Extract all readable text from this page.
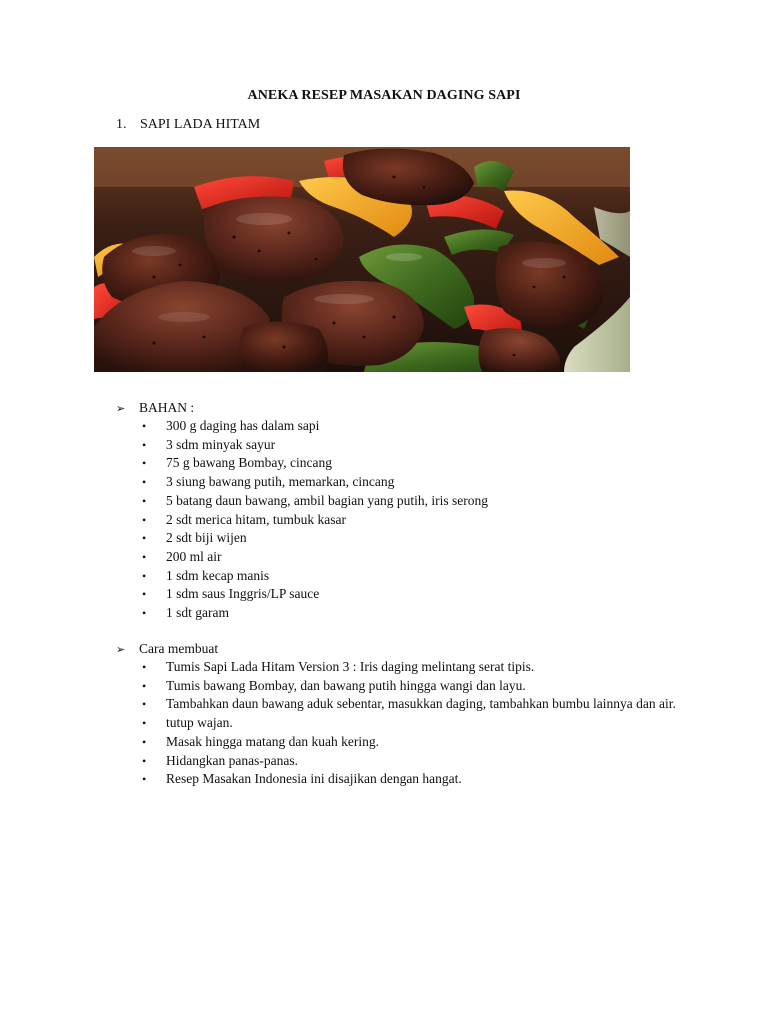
ANEKA RESEP MASAKAN DAGING SAPI
1. SAPI LADA HITAM
➢ BAHAN :
• 300 g daging has dalam sapi
• 3 sdm minyak sayur
• 75 g bawang Bombay, cincang
• 3 siung bawang putih, memarkan, cincang
• 5 batang daun bawang, ambil bagian yang putih, iris serong
• 2 sdt merica hitam, tumbuk kasar
• 2 sdt biji wijen
• 200 ml air
• 1 sdm kecap manis
• 1 sdm saus Inggris/LP sauce
• 1 sdt garam
➢ Cara membuat
• Tumis Sapi Lada Hitam Version 3 : Iris daging melintang serat tipis.
• Tumis bawang Bombay, dan bawang putih hingga wangi dan layu.
• Tambahkan daun bawang aduk sebentar, masukkan daging, tambahkan bumbu lainnya dan air.
• tutup wajan.
• Masak hingga matang dan kuah kering.
• Hidangkan panas-panas.
• Resep Masakan Indonesia ini disajikan dengan hangat.
